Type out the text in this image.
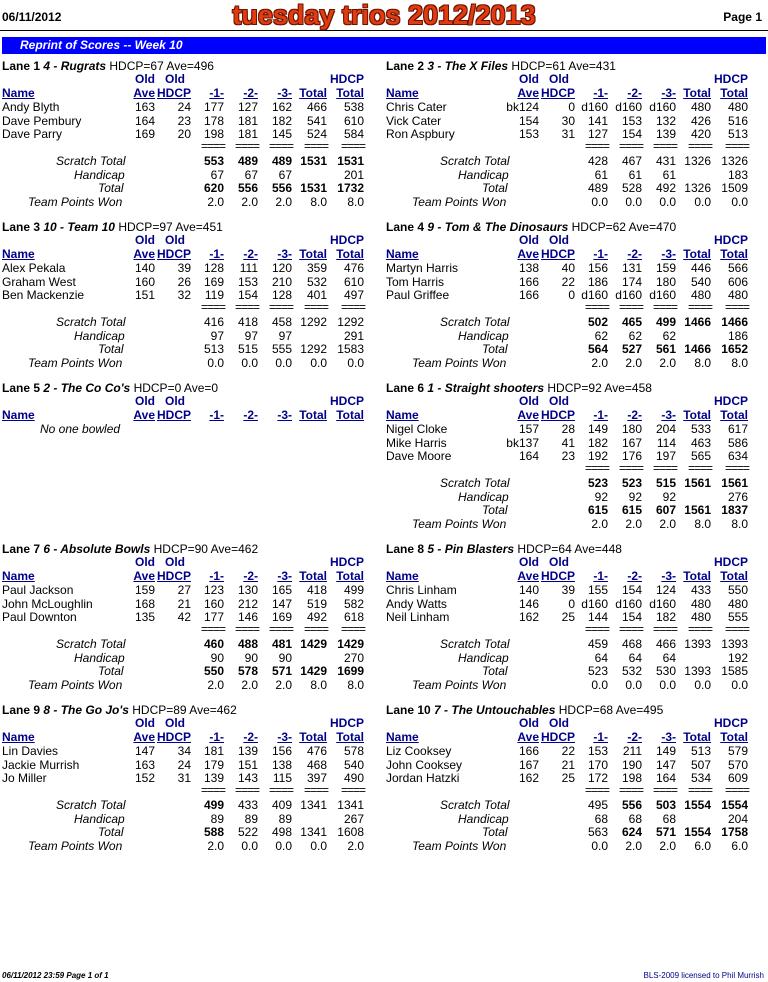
06/11/2012	tuesday trios 2012/2013	Page 1
Reprint of Scores -- Week 10
Lane 1 4 - Rugrats HDCP=67 Ave=496
Old Old	HDCP
Name	Ave HDCP -1- -2- -3- Total Total
Andy Blyth	163 24 177 127 162 466 538
Dave Pembury	164 23 178 181 182 541 610
Dave Parry	169 20 198 181 145 524 584
==== ==== ==== ==== ====
Scratch Total	553 489 489 1531 1531
Handicap	67 67 67	201
Total	620 556 556 1531 1732
Team Points Won	2.0 2.0 2.0 8.0 8.0
Lane 2 3 - The X Files HDCP=61 Ave=431
Old Old	HDCP
Name	Ave HDCP -1- -2- -3- Total Total
Chris Cater	bk124 0 d160 d160 d160 480 480
Vick Cater	154 30 141 153 132 426 516
Ron Aspbury	153 31 127 154 139 420 513
==== ==== ==== ==== ====
Scratch Total	428 467 431 1326 1326
Handicap	61 61 61	183
Total	489 528 492 1326 1509
Team Points Won	0.0 0.0 0.0 0.0 0.0
Lane 3 10 - Team 10 HDCP=97 Ave=451
Old Old	HDCP
Name	Ave HDCP -1- -2- -3- Total Total
Alex Pekala	140 39 128 111 120 359 476
Graham West	160 26 169 153 210 532 610
Ben Mackenzie	151 32 119 154 128 401 497
==== ==== ==== ==== ====
Scratch Total	416 418 458 1292 1292
Handicap	97 97 97	291
Total	513 515 555 1292 1583
Team Points Won	0.0 0.0 0.0 0.0 0.0
Lane 4 9 - Tom & The Dinosaurs HDCP=62 Ave=470
Old Old	HDCP
Name	Ave HDCP -1- -2- -3- Total Total
Martyn Harris	138 40 156 131 159 446 566
Tom Harris	166 22 186 174 180 540 606
Paul Griffee	166 0 d160 d160 d160 480 480
==== ==== ==== ==== ====
Scratch Total	502 465 499 1466 1466
Handicap	62 62 62	186
Total	564 527 561 1466 1652
Team Points Won	2.0 2.0 2.0 8.0 8.0
Lane 5 2 - The Co Co's HDCP=0 Ave=0
Old Old	HDCP
Name	Ave HDCP -1- -2- -3- Total Total
No one bowled
Lane 6 1 - Straight shooters HDCP=92 Ave=458
Old Old	HDCP
Name	Ave HDCP -1- -2- -3- Total Total
Nigel Cloke	157 28 149 180 204 533 617
Mike Harris	bk137 41 182 167 114 463 586
Dave Moore	164 23 192 176 197 565 634
==== ==== ==== ==== ====
Scratch Total	523 523 515 1561 1561
Handicap	92 92 92	276
Total	615 615 607 1561 1837
Team Points Won	2.0 2.0 2.0 8.0 8.0
Lane 7 6 - Absolute Bowls HDCP=90 Ave=462
Old Old	HDCP
Name	Ave HDCP -1- -2- -3- Total Total
Paul Jackson	159 27 123 130 165 418 499
John McLoughlin	168 21 160 212 147 519 582
Paul Downton	135 42 177 146 169 492 618
==== ==== ==== ==== ====
Scratch Total	460 488 481 1429 1429
Handicap	90 90 90	270
Total	550 578 571 1429 1699
Team Points Won	2.0 2.0 2.0 8.0 8.0
Lane 8 5 - Pin Blasters HDCP=64 Ave=448
Old Old	HDCP
Name	Ave HDCP -1- -2- -3- Total Total
Chris Linham	140 39 155 154 124 433 550
Andy Watts	146 0 d160 d160 d160 480 480
Neil Linham	162 25 144 154 182 480 555
==== ==== ==== ==== ====
Scratch Total	459 468 466 1393 1393
Handicap	64 64 64	192
Total	523 532 530 1393 1585
Team Points Won	0.0 0.0 0.0 0.0 0.0
Lane 9 8 - The Go Jo's HDCP=89 Ave=462
Old Old	HDCP
Name	Ave HDCP -1- -2- -3- Total Total
Lin Davies	147 34 181 139 156 476 578
Jackie Murrish	163 24 179 151 138 468 540
Jo Miller	152 31 139 143 115 397 490
==== ==== ==== ==== ====
Scratch Total	499 433 409 1341 1341
Handicap	89 89 89	267
Total	588 522 498 1341 1608
Team Points Won	2.0 0.0 0.0 0.0 2.0
Lane 10 7 - The Untouchables HDCP=68 Ave=495
Old Old	HDCP
Name	Ave HDCP -1- -2- -3- Total Total
Liz Cooksey	166 22 153 211 149 513 579
John Cooksey	167 21 170 190 147 507 570
Jordan Hatzki	162 25 172 198 164 534 609
==== ==== ==== ==== ====
Scratch Total	495 556 503 1554 1554
Handicap	68 68 68	204
Total	563 624 571 1554 1758
Team Points Won	0.0 2.0 2.0 6.0 6.0
06/11/2012 23:59 Page 1 of 1	BLS-2009 licensed to Phil Murrish
